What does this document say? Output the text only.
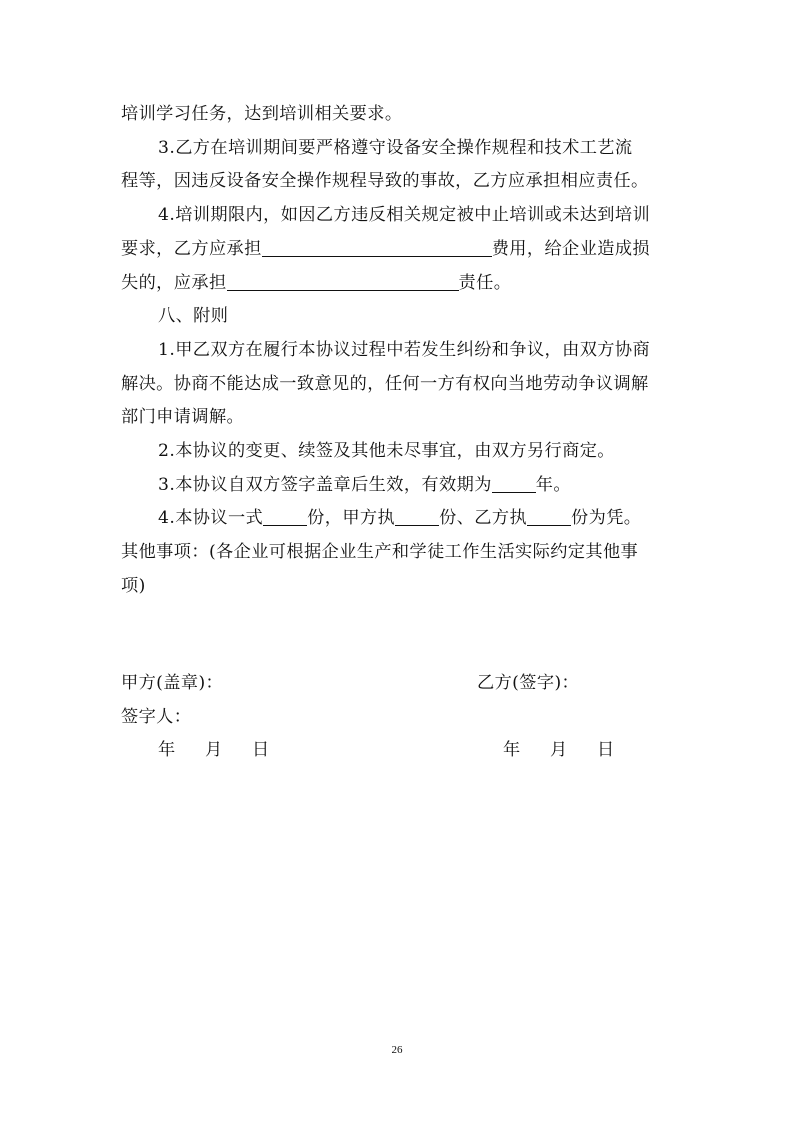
培训学习任务，达到培训相关要求。

3.乙方在培训期间要严格遵守设备安全操作规程和技术工艺流

程等，因违反设备安全操作规程导致的事故，乙方应承担相应责任。

4.培训期限内，如因乙方违反相关规定被中止培训或未达到培训

要求，乙方应承担	费用，给企业造成损

失的，应承担	责任。

八、附则

1.甲乙双方在履行本协议过程中若发生纠纷和争议，由双方协商

解决。协商不能达成一致意见的，任何一方有权向当地劳动争议调解

部门申请调解。

2.本协议的变更、续签及其他未尽事宜，由双方另行商定。

3.本协议自双方签字盖章后生效，有效期为	年。

4.本协议一式	份，甲方执	份、乙方执	份为凭。

其他事项：(各企业可根据企业生产和学徒工作生活实际约定其他事

项)

甲方(盖章)：	乙方(签字)：
签字人：
年 月 日	年 月 日
26
